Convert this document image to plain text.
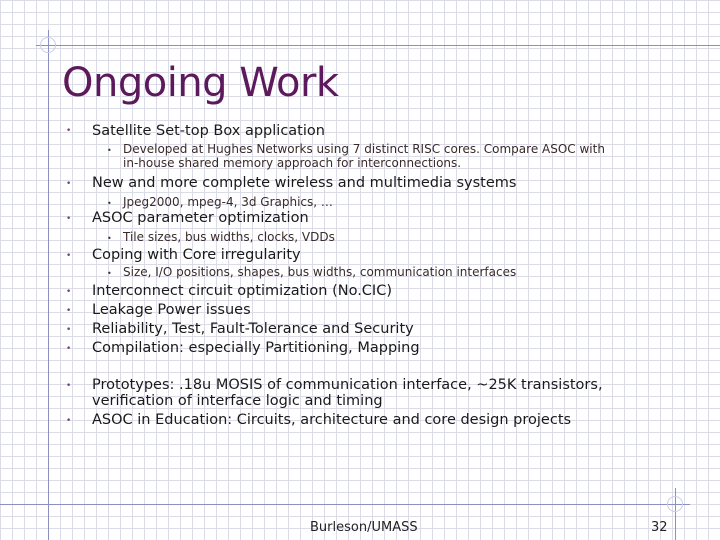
Ongoing Work
• Satellite Set-top Box application
• Developed at Hughes Networks using 7 distinct RISC cores. Compare ASOC with
in-house shared memory approach for interconnections.
• New and more complete wireless and multimedia systems
• Jpeg2000, mpeg-4, 3d Graphics, …
• ASOC parameter optimization
• Tile sizes, bus widths, clocks, VDDs
• Coping with Core irregularity
• Size, I/O positions, shapes, bus widths, communication interfaces
• Interconnect circuit optimization (No.CIC)
• Leakage Power issues
• Reliability, Test, Fault-Tolerance and Security
• Compilation: especially Partitioning, Mapping
• Prototypes: .18u MOSIS of communication interface, ~25K transistors,
verification of interface logic and timing
• ASOC in Education: Circuits, architecture and core design projects
Burleson/UMASS	32
